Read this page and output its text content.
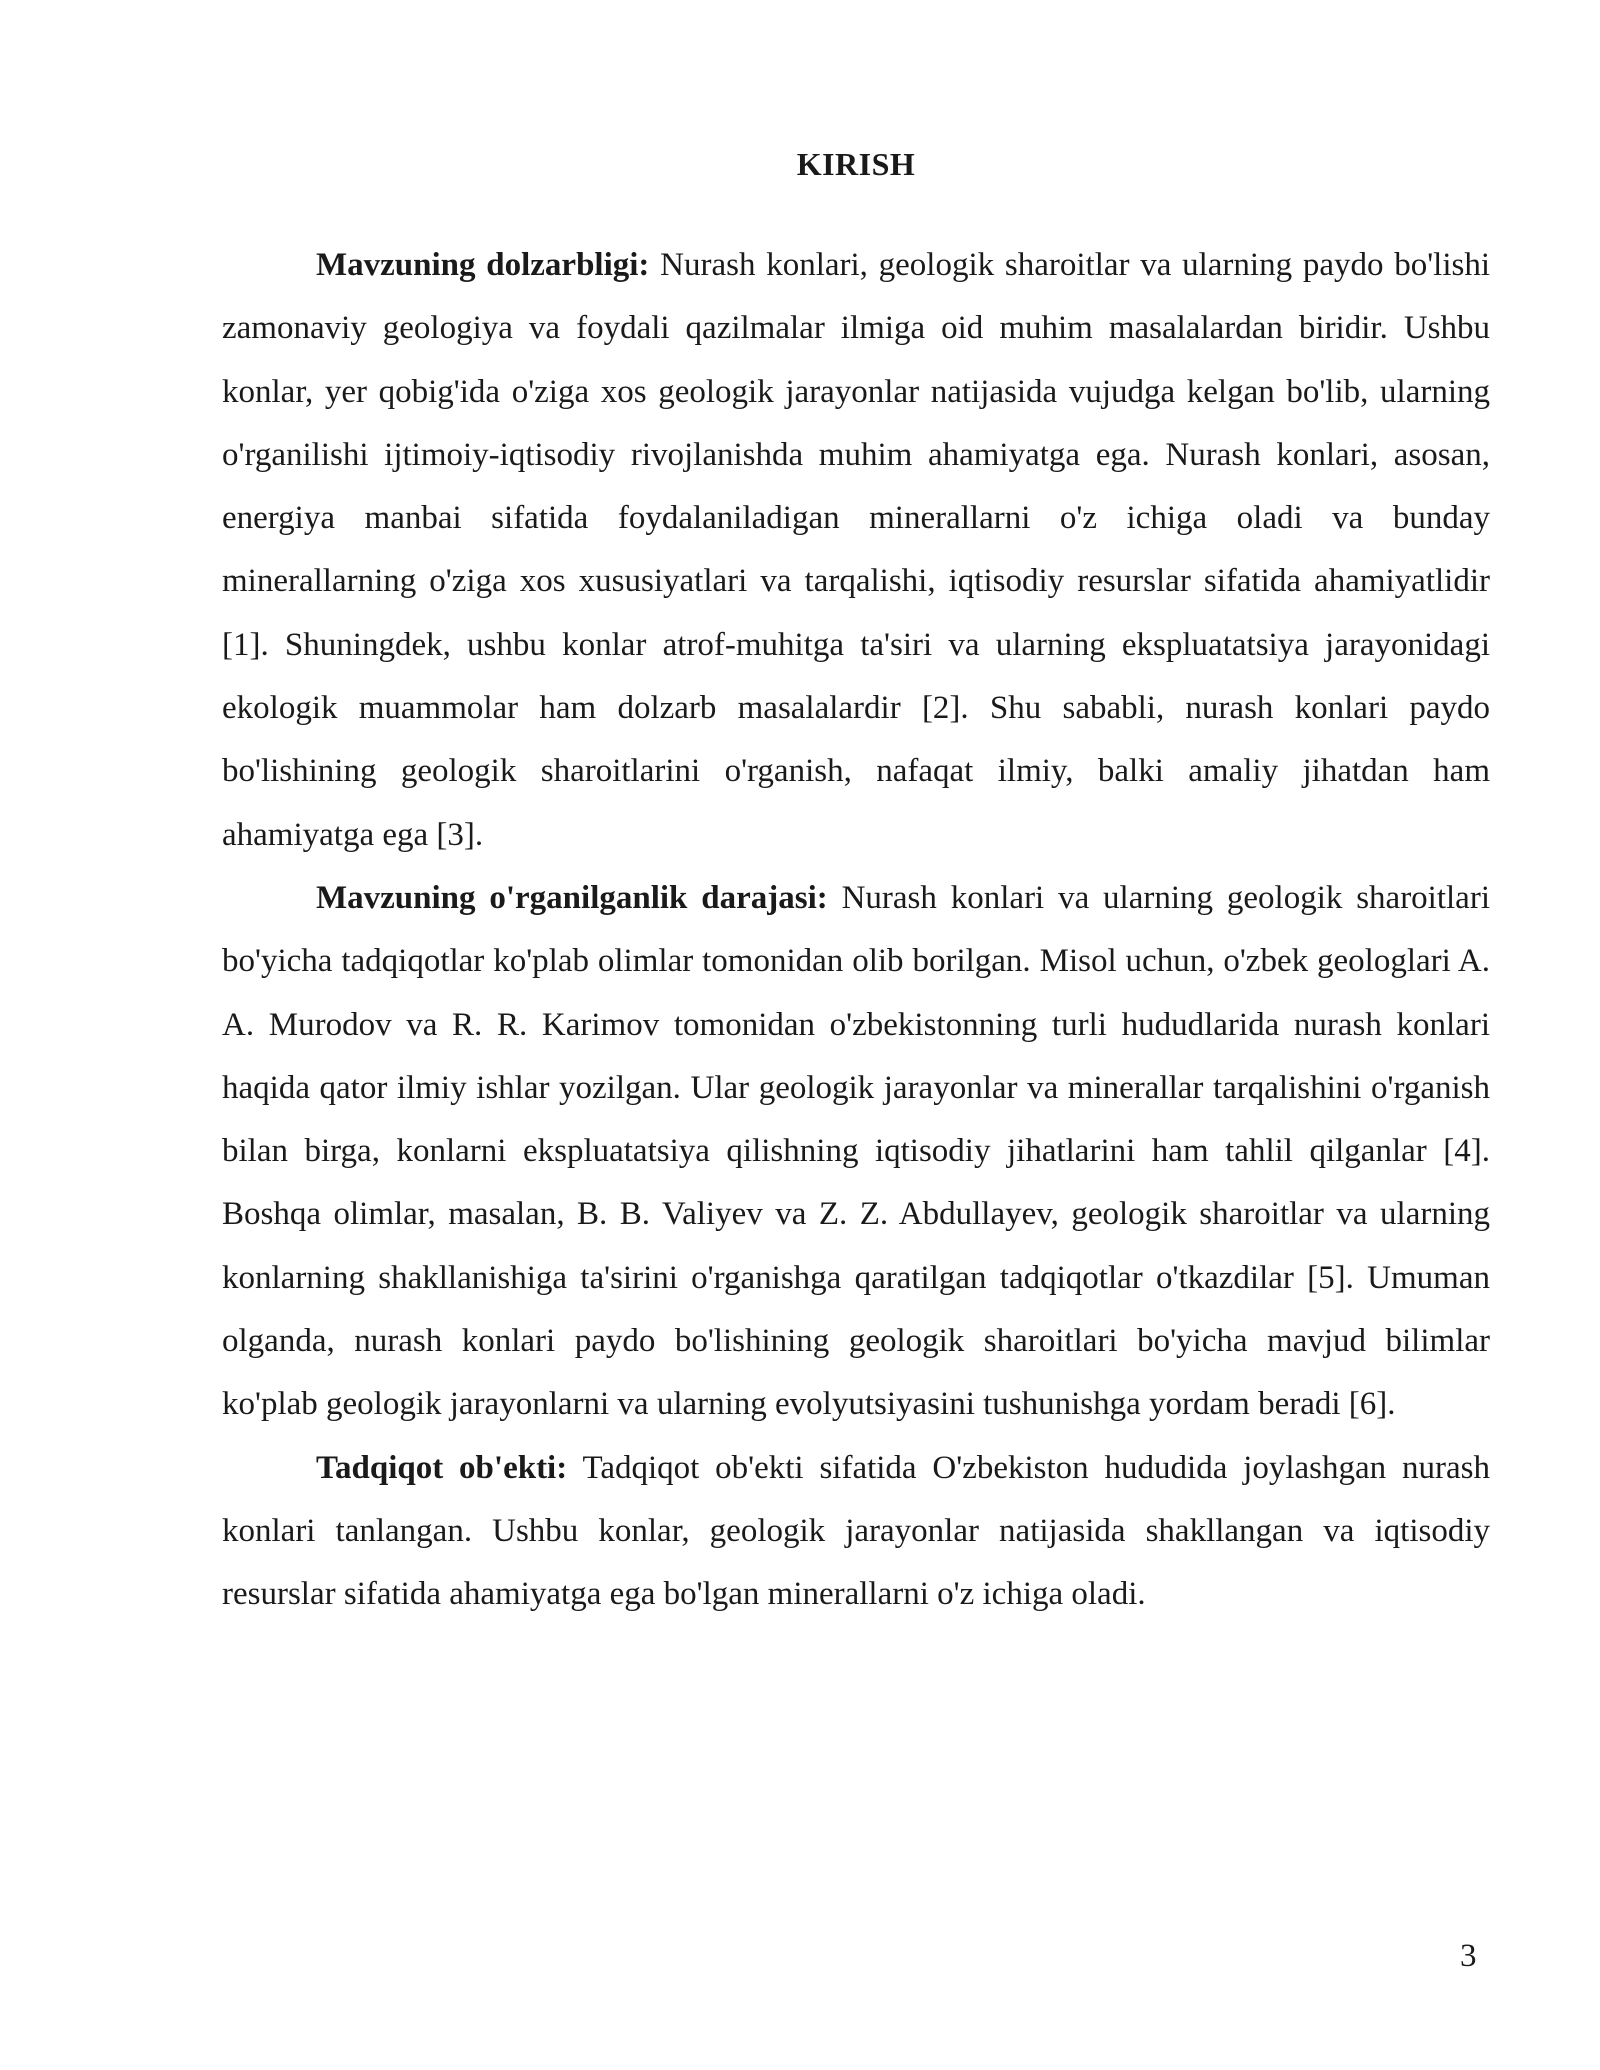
KIRISH

Mavzuning dolzarbligi: Nurash konlari, geologik sharoitlar va ularning paydo bo'lishi zamonaviy geologiya va foydali qazilmalar ilmiga oid muhim masalalardan biridir. Ushbu konlar, yer qobig'ida o'ziga xos geologik jarayonlar natijasida vujudga kelgan bo'lib, ularning o'rganilishi ijtimoiy-iqtisodiy rivojlanishda muhim ahamiyatga ega. Nurash konlari, asosan, energiya manbai sifatida foydalaniladigan minerallarni o'z ichiga oladi va bunday minerallarning o'ziga xos xususiyatlari va tarqalishi, iqtisodiy resurslar sifatida ahamiyatlidir [1]. Shuningdek, ushbu konlar atrof-muhitga ta'siri va ularning ekspluatatsiya jarayonidagi ekologik muammolar ham dolzarb masalalardir [2]. Shu sababli, nurash konlari paydo bo'lishining geologik sharoitlarini o'rganish, nafaqat ilmiy, balki amaliy jihatdan ham ahamiyatga ega [3].

Mavzuning o'rganilganlik darajasi: Nurash konlari va ularning geologik sharoitlari bo'yicha tadqiqotlar ko'plab olimlar tomonidan olib borilgan. Misol uchun, o'zbek geologlari A. A. Murodov va R. R. Karimov tomonidan o'zbekistonning turli hududlarida nurash konlari haqida qator ilmiy ishlar yozilgan. Ular geologik jarayonlar va minerallar tarqalishini o'rganish bilan birga, konlarni ekspluatatsiya qilishning iqtisodiy jihatlarini ham tahlil qilganlar [4]. Boshqa olimlar, masalan, B. B. Valiyev va Z. Z. Abdullayev, geologik sharoitlar va ularning konlarning shakllanishiga ta'sirini o'rganishga qaratilgan tadqiqotlar o'tkazdilar [5]. Umuman olganda, nurash konlari paydo bo'lishining geologik sharoitlari bo'yicha mavjud bilimlar ko'plab geologik jarayonlarni va ularning evolyutsiyasini tushunishga yordam beradi [6].

Tadqiqot ob'ekti: Tadqiqot ob'ekti sifatida O'zbekiston hududida joylashgan nurash konlari tanlangan. Ushbu konlar, geologik jarayonlar natijasida shakllangan va iqtisodiy resurslar sifatida ahamiyatga ega bo'lgan minerallarni o'z ichiga oladi.

3
